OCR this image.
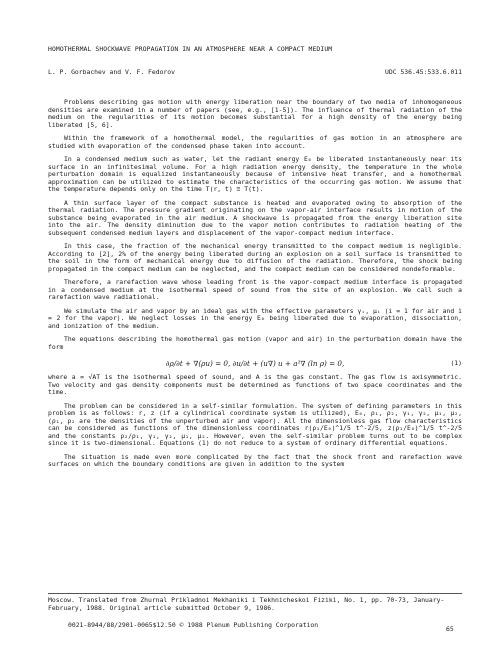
HOMOTHERMAL SHOCKWAVE PROPAGATION IN AN ATMOSPHERE NEAR A COMPACT MEDIUM
L. P. Gorbachev and V. F. Fedorov	UDC 536.45:533.6.011

Problems describing gas motion with energy liberation near the boundary of two media of inhomogeneous densities are examined in a number of papers (see, e.g., [1-5]). The influence of thermal radiation of the medium on the regularities of its motion becomes substantial for a high density of the energy being liberated [5, 6].

Within the framework of a homothermal model, the regularities of gas motion in an atmosphere are studied with evaporation of the condensed phase taken into account.

In a condensed medium such as water, let the radiant energy E₀ be liberated instantaneously near its surface in an infinitesimal volume. For a high radiation energy density, the temperature in the whole perturbation domain is equalized instantaneously because of intensive heat transfer, and a homothermal approximation can be utilized to estimate the characteristics of the occurring gas motion. We assume that the temperature depends only on the time T(r, t) ≡ T(t).

A thin surface layer of the compact substance is heated and evaporated owing to absorption of the thermal radiation. The pressure gradient originating on the vapor-air interface results in motion of the substance being evaporated in the air medium. A shockwave is propagated from the energy liberation site into the air. The density diminution due to the vapor motion contributes to radiation heating of the subsequent condensed medium layers and displacement of the vapor-compact medium interface.

In this case, the fraction of the mechanical energy transmitted to the compact medium is negligible. According to [2], 2% of the energy being liberated during an explosion on a soil surface is transmitted to the soil in the form of mechanical energy due to diffusion of the radiation. Therefore, the shock being propagated in the compact medium can be neglected, and the compact medium can be considered nondeformable.

Therefore, a rarefaction wave whose leading front is the vapor-compact medium interface is propagated in a condensed medium at the isothermal speed of sound from the site of an explosion. We call such a rarefaction wave radiational.

We simulate the air and vapor by an ideal gas with the effective parameters γᵢ, μᵢ (i = 1 for air and i = 2 for the vapor). We neglect losses in the energy E₀ being liberated due to evaporation, dissociation, and ionization of the medium.

The equations describing the homothermal gas motion (vapor and air) in the perturbation domain have the form

∂ρ/∂t + ∇(ρu) = 0, ∂u/∂t + (u∇) u + a²∇ (ln ρ) = 0,	(1)

where a = √AT is the isothermal speed of sound, and A is the gas constant. The gas flow is axisymmetric. Two velocity and gas density components must be determined as functions of two space coordinates and the time.

The problem can be considered in a self-similar formulation. The system of defining parameters in this problem is as follows: r, z (if a cylindrical coordinate system is utilized), E₀, ρ₁, ρ₂, γ₁, γ₂, μ₁, μ₂, (ρ₁, ρ₂ are the densities of the unperturbed air and vapor). All the dimensionless gas flow characteristics can be considered as functions of the dimensionless coordinates r(ρ₁/E₀)^1/5 t^-2/5, z(ρ₁/E₀)^1/5 t^-2/5 and the constants ρ₂/ρ₁, γ₁, γ₂, μ₁, μ₂. However, even the self-similar problem turns out to be complex since it is two-dimensional. Equations (1) do not reduce to a system of ordinary differential equations.

The situation is made even more complicated by the fact that the shock front and rarefaction wave surfaces on which the boundary conditions are given in addition to the system

Moscow. Translated from Zhurnal Prikladnoi Mekhaniki i Tekhnicheskoi Fiziki, No. 1, pp. 70-73, January-February, 1988. Original article submitted October 9, 1986.
0021-8944/88/2901-0065$12.50 © 1988 Plenum Publishing Corporation	65
